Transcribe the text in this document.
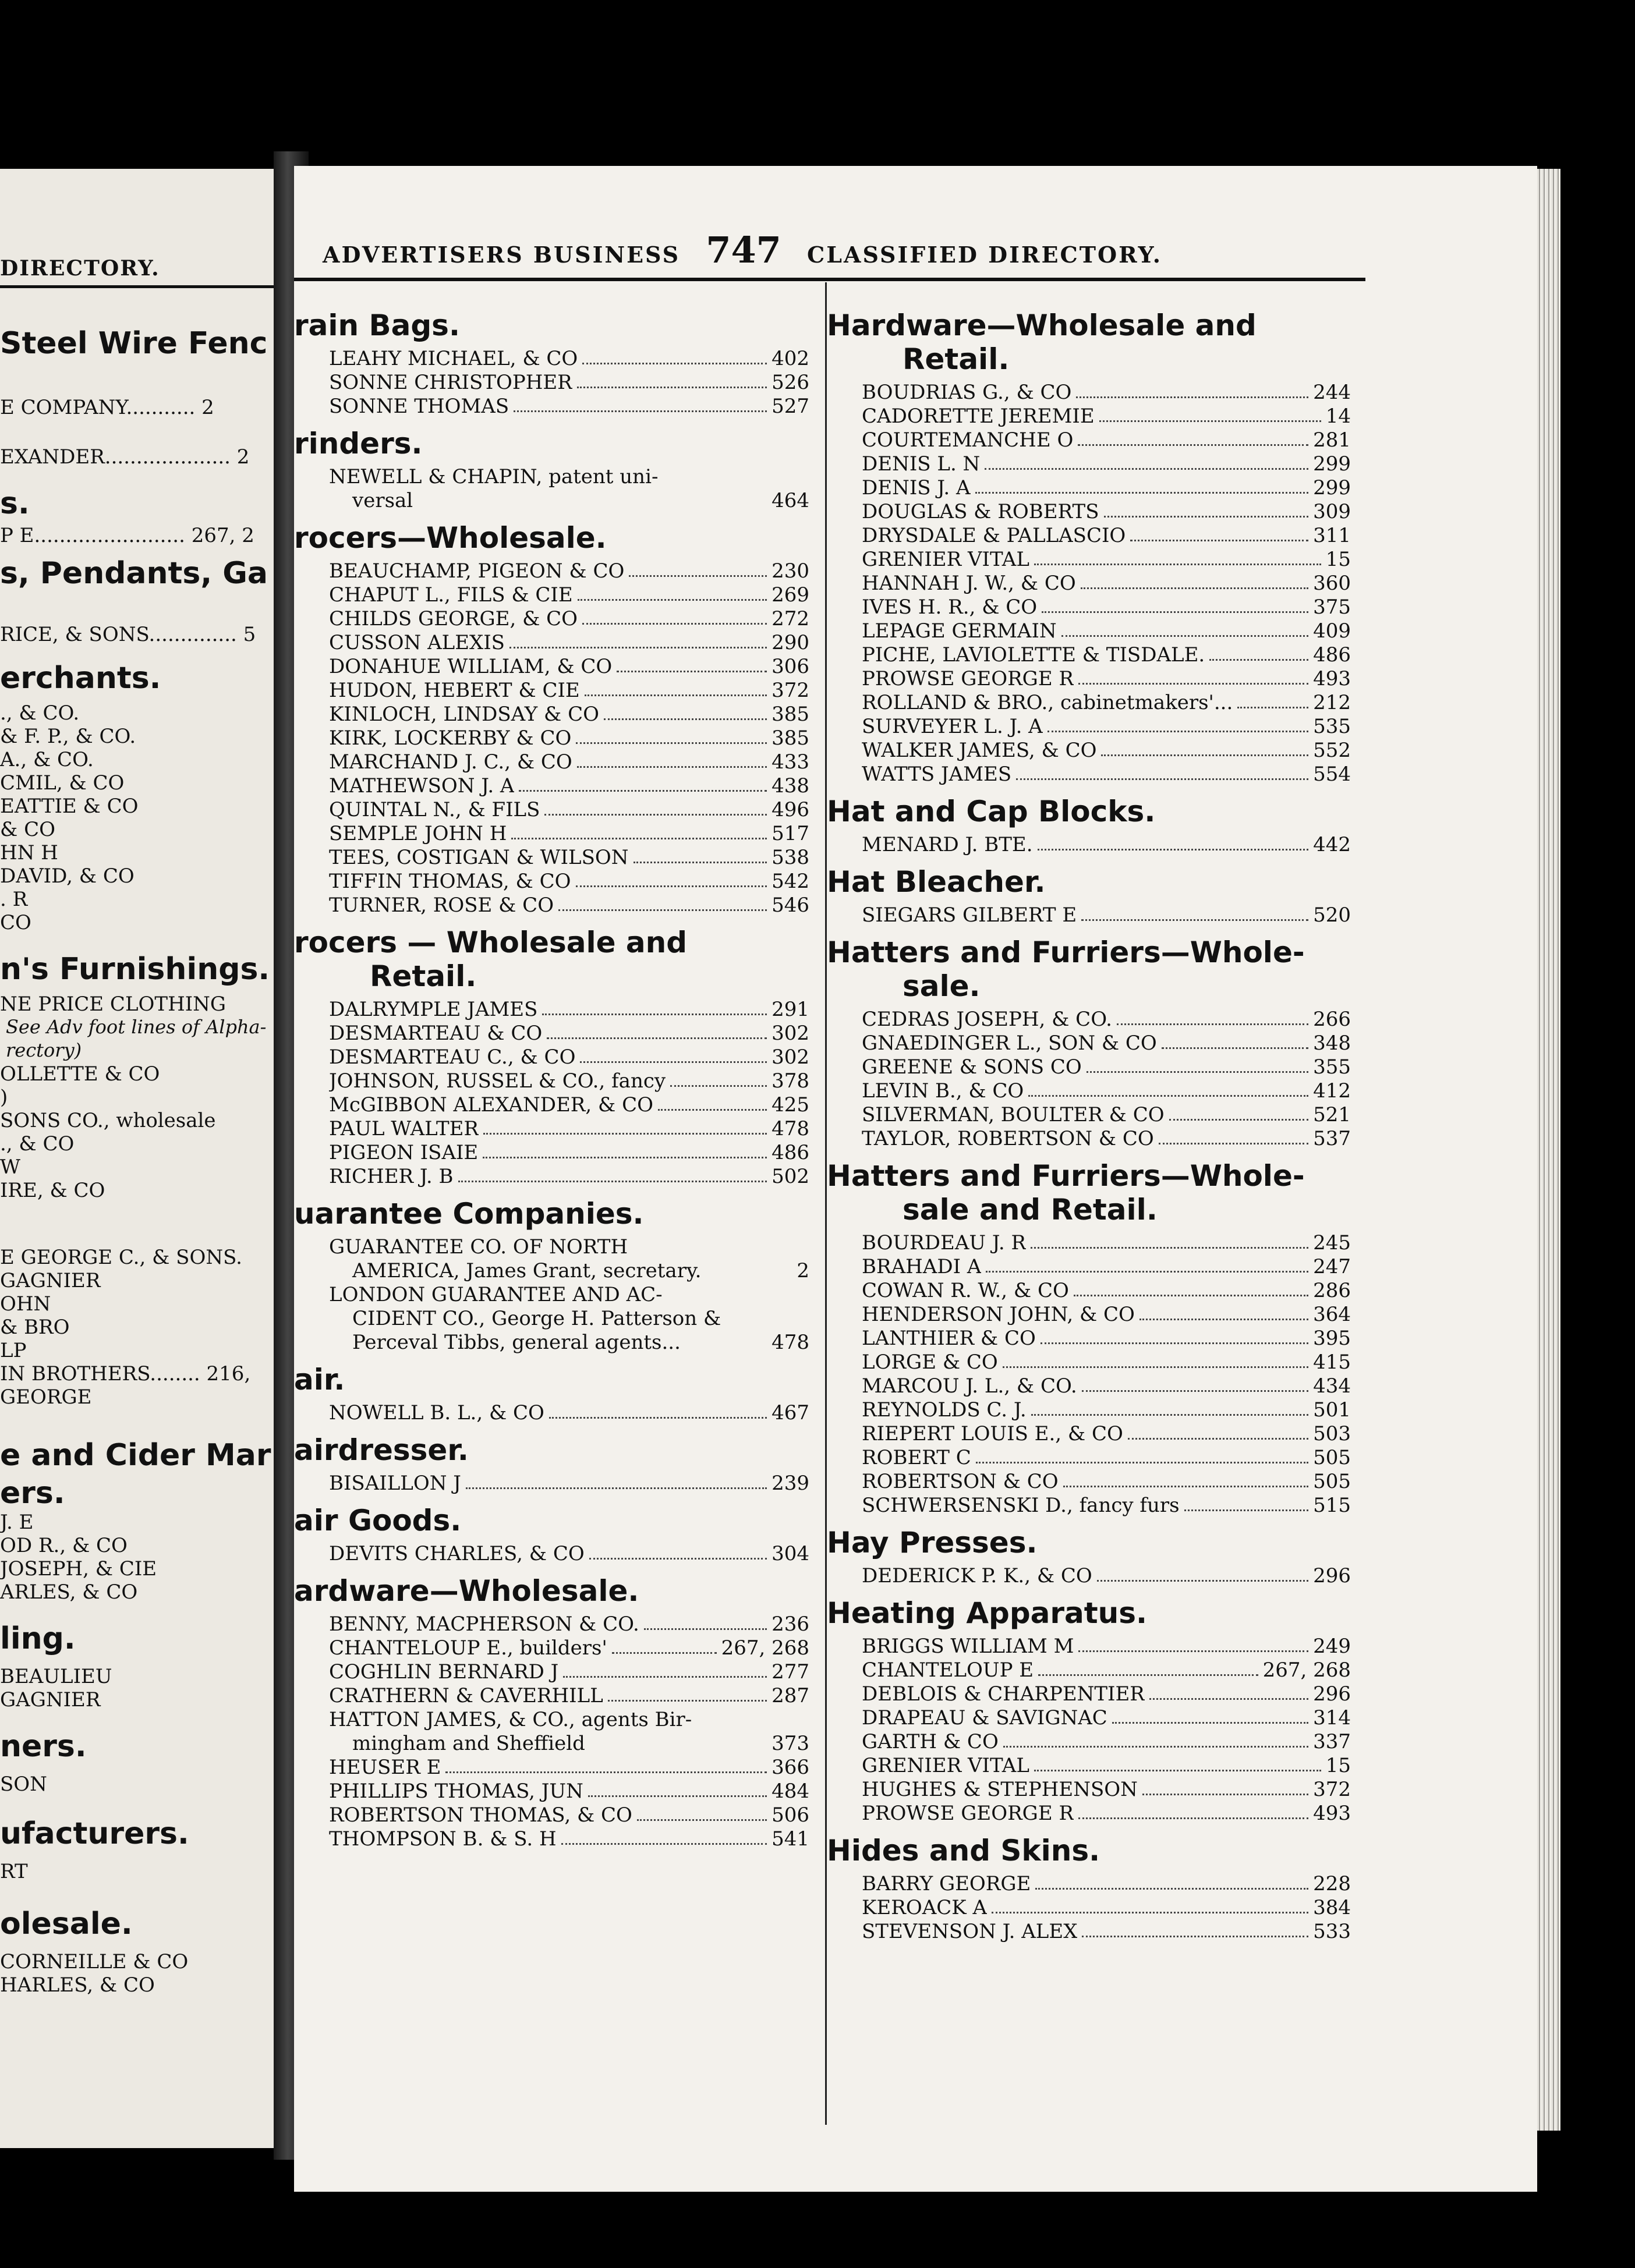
DIRECTORY.
Steel Wire Fenc
E COMPANY........... 2
EXANDER.................... 2
s.
P E........................ 267, 2
s, Pendants, Ga
RICE, & SONS.............. 5
erchants.
., & CO.
& F. P., & CO.
A., & CO.
CMIL, & CO
EATTIE & CO
& CO
HN H
DAVID, & CO
. R
CO
n's Furnishings.
NE PRICE CLOTHING
See Adv foot lines of Alpha-
rectory)
OLLETTE & CO
)
SONS CO., wholesale
., & CO
W
IRE, & CO
E GEORGE C., & SONS.
GAGNIER
OHN
& BRO
LP
IN BROTHERS........ 216,
GEORGE
e and Cider Mar
ers.
J. E
OD R., & CO
JOSEPH, & CIE
ARLES, & CO
ling.
BEAULIEU
GAGNIER
ners.
SON
ufacturers.
RT
olesale.
CORNEILLE & CO
HARLES, & CO
ADVERTISERS BUSINESS 747 CLASSIFIED DIRECTORY.
rain Bags.
LEAHY MICHAEL, & CO	402
SONNE CHRISTOPHER	526
SONNE THOMAS	527
rinders.
NEWELL & CHAPIN, patent uni-
versal	464
rocers—Wholesale.
BEAUCHAMP, PIGEON & CO	230
CHAPUT L., FILS & CIE	269
CHILDS GEORGE, & CO	272
CUSSON ALEXIS	290
DONAHUE WILLIAM, & CO	306
HUDON, HEBERT & CIE	372
KINLOCH, LINDSAY & CO	385
KIRK, LOCKERBY & CO	385
MARCHAND J. C., & CO	433
MATHEWSON J. A	438
QUINTAL N., & FILS	496
SEMPLE JOHN H	517
TEES, COSTIGAN & WILSON	538
TIFFIN THOMAS, & CO	542
TURNER, ROSE & CO	546
rocers — Wholesale and
Retail.
DALRYMPLE JAMES	291
DESMARTEAU & CO	302
DESMARTEAU C., & CO	302
JOHNSON, RUSSEL & CO., fancy	378
McGIBBON ALEXANDER, & CO	425
PAUL WALTER	478
PIGEON ISAIE	486
RICHER J. B	502
uarantee Companies.
GUARANTEE CO. OF NORTH
AMERICA, James Grant, secretary.	2
LONDON GUARANTEE AND AC-
CIDENT CO., George H. Patterson & Perceval Tibbs, general agents...	478
air.
NOWELL B. L., & CO	467
airdresser.
BISAILLON J	239
air Goods.
DEVITS CHARLES, & CO	304
ardware—Wholesale.
BENNY, MACPHERSON & CO.	236
CHANTELOUP E., builders'	267, 268
COGHLIN BERNARD J	277
CRATHERN & CAVERHILL	287
HATTON JAMES, & CO., agents Bir-
mingham and Sheffield	373
HEUSER E	366
PHILLIPS THOMAS, JUN	484
ROBERTSON THOMAS, & CO	506
THOMPSON B. & S. H	541
Hardware—Wholesale and
Retail.
BOUDRIAS G., & CO	244
CADORETTE JEREMIE	14
COURTEMANCHE O	281
DENIS L. N	299
DENIS J. A	299
DOUGLAS & ROBERTS	309
DRYSDALE & PALLASCIO	311
GRENIER VITAL	15
HANNAH J. W., & CO	360
IVES H. R., & CO	375
LEPAGE GERMAIN	409
PICHE, LAVIOLETTE & TISDALE.	486
PROWSE GEORGE R	493
ROLLAND & BRO., cabinetmakers'...	212
SURVEYER L. J. A	535
WALKER JAMES, & CO	552
WATTS JAMES	554
Hat and Cap Blocks.
MENARD J. BTE.	442
Hat Bleacher.
SIEGARS GILBERT E	520
Hatters and Furriers—Whole-
sale.
CEDRAS JOSEPH, & CO.	266
GNAEDINGER L., SON & CO	348
GREENE & SONS CO	355
LEVIN B., & CO	412
SILVERMAN, BOULTER & CO	521
TAYLOR, ROBERTSON & CO	537
Hatters and Furriers—Whole-
sale and Retail.
BOURDEAU J. R	245
BRAHADI A	247
COWAN R. W., & CO	286
HENDERSON JOHN, & CO	364
LANTHIER & CO	395
LORGE & CO	415
MARCOU J. L., & CO.	434
REYNOLDS C. J.	501
RIEPERT LOUIS E., & CO	503
ROBERT C	505
ROBERTSON & CO	505
SCHWERSENSKI D., fancy furs	515
Hay Presses.
DEDERICK P. K., & CO	296
Heating Apparatus.
BRIGGS WILLIAM M	249
CHANTELOUP E	267, 268
DEBLOIS & CHARPENTIER	296
DRAPEAU & SAVIGNAC	314
GARTH & CO	337
GRENIER VITAL	15
HUGHES & STEPHENSON	372
PROWSE GEORGE R	493
Hides and Skins.
BARRY GEORGE	228
KEROACK A	384
STEVENSON J. ALEX	533
